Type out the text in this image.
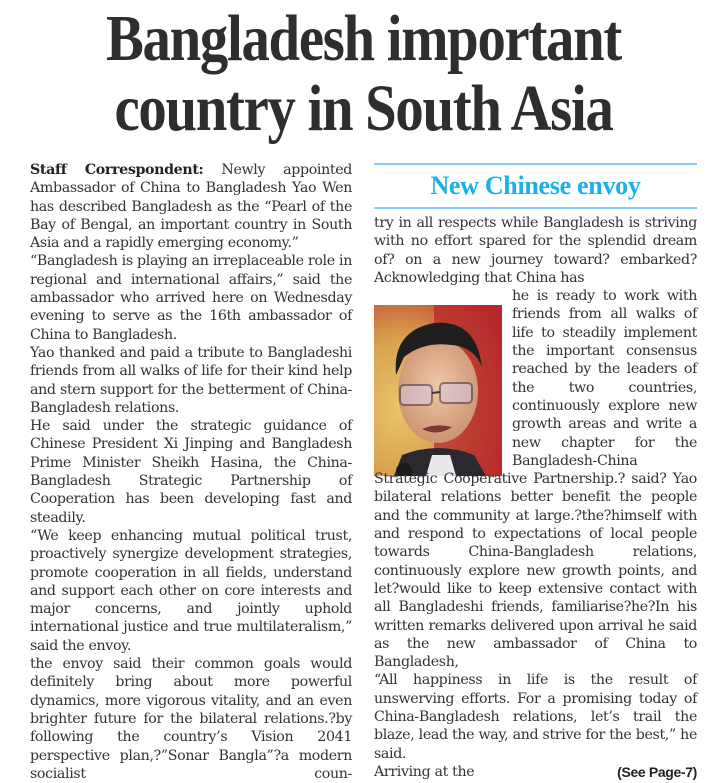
Bangladesh important
country in South Asia

Staff Correspondent: Newly appointed Ambassador of China to Bangladesh Yao Wen has described Bangladesh as the “Pearl of the Bay of Bengal, an important country in South Asia and a rapidly emerging economy.”

“Bangladesh is playing an irreplaceable role in regional and international affairs,” said the ambassador who arrived here on Wednesday evening to serve as the 16th ambassador of China to Bangladesh.

Yao thanked and paid a tribute to Bangladeshi friends from all walks of life for their kind help and stern support for the betterment of China-Bangladesh relations.

He said under the strategic guidance of Chinese President Xi Jinping and Bangladesh Prime Minister Sheikh Hasina, the China-Bangladesh Strategic Partnership of Cooperation has been developing fast and steadily.

“We keep enhancing mutual political trust, proactively synergize development strategies, promote cooperation in all fields, understand and support each other on core interests and major concerns, and jointly uphold international justice and true multilateralism,” said the envoy.

the envoy said their common goals would definitely bring about more powerful dynamics, more vigorous vitality, and an even brighter future for the bilateral relations.?by following the country’s Vision 2041 perspective plan,?”Sonar Bangla”?a modern socialist coun-

New Chinese envoy

try in all respects while Bangladesh is striving with no effort spared for the splendid dream of? on a new journey toward? embarked? Acknowledging that China has

he is ready to work with friends from all walks of life to steadily implement the important consensus reached by the leaders of the two countries, continuously explore new growth areas and write a new chapter for the Bangladesh-China Strategic Cooperative Partnership.? said? Yao bilateral relations better benefit the people and the community at large.?the?himself with and respond to expectations of local people towards China-Bangladesh relations, continuously explore new growth points, and let?would like to keep extensive contact with all Bangladeshi friends, familiarise?he?In his written remarks delivered upon arrival he said as the new ambassador of China to Bangladesh,

“All happiness in life is the result of unswerving efforts. For a promising today of China-Bangladesh relations, let’s trail the blaze, lead the way, and strive for the best,” he said.

Arriving at the	(See Page-7)
